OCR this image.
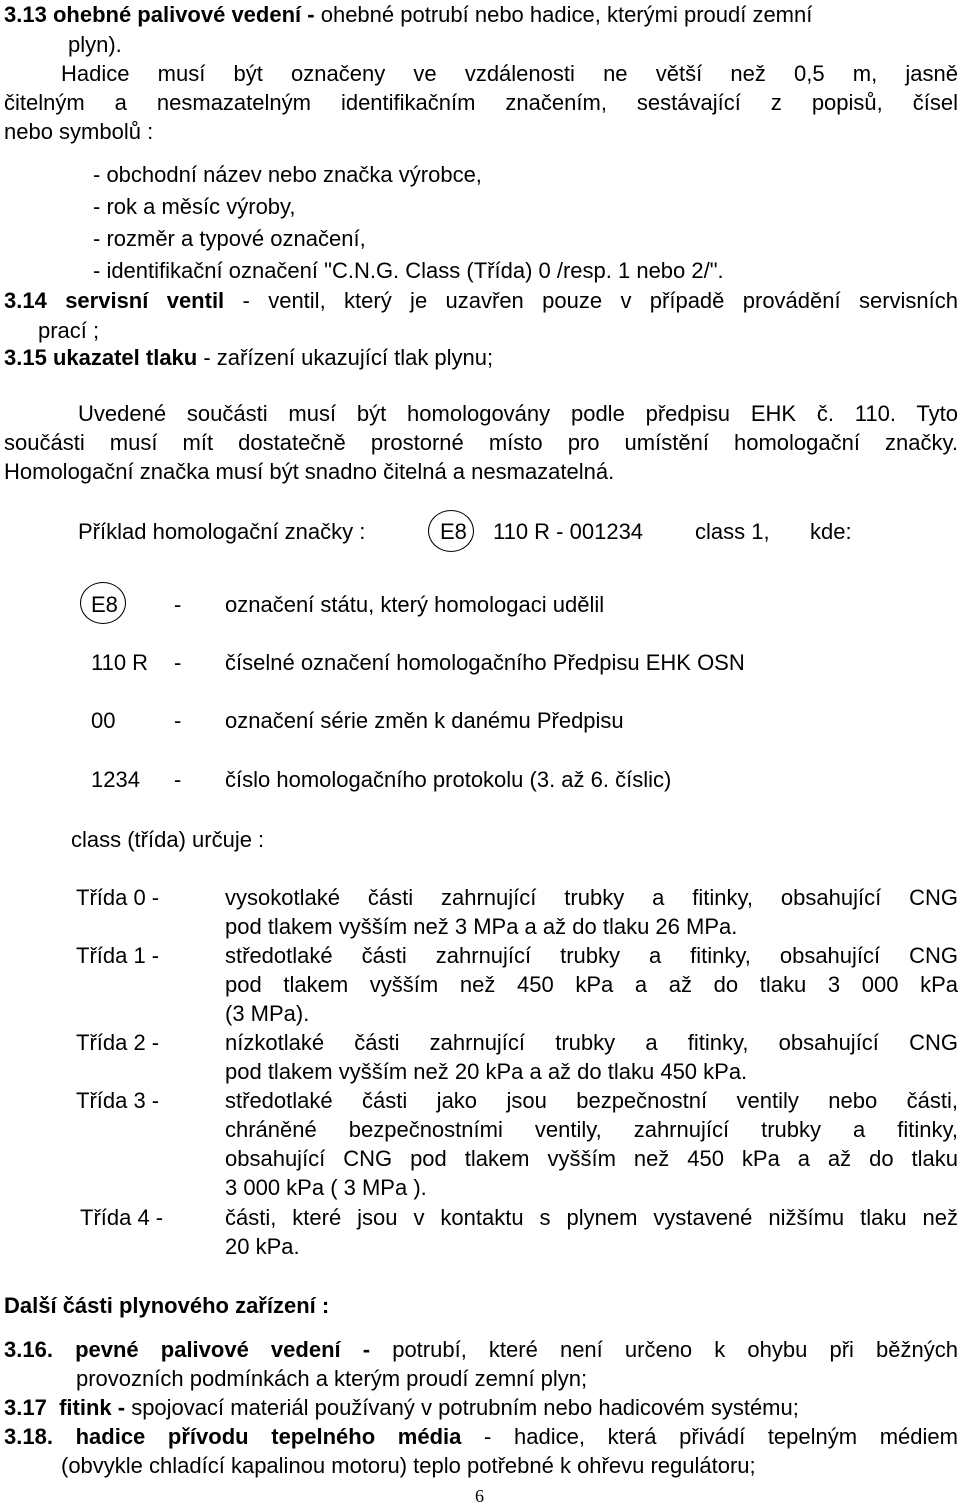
3.13 ohebné palivové vedení - ohebné potrubí nebo hadice, kterými proudí zemní
plyn).
Hadice musí být označeny ve vzdálenosti ne větší než 0,5 m, jasně
čitelným a nesmazatelným identifikačním značením, sestávající z popisů, čísel
nebo symbolů :
- obchodní název nebo značka výrobce,
- rok a měsíc výroby,
- rozměr a typové označení,
- identifikační označení "C.N.G. Class (Třída) 0 /resp. 1 nebo 2/".
3.14 servisní ventil - ventil, který je uzavřen pouze v případě provádění servisních
prací ;
3.15 ukazatel tlaku - zařízení ukazující tlak plynu;
Uvedené součásti musí být homologovány podle předpisu EHK č. 110. Tyto
součásti musí mít dostatečně prostorné místo pro umístění homologační značky.
Homologační značka musí být snadno čitelná a nesmazatelná.
Příklad homologační značky :	E8 110 R - 001234 class 1, kde:
E8	- označení státu, který homologaci udělil
110 R - číselné označení homologačního Předpisu EHK OSN
00	- označení série změn k danému Předpisu
1234 - číslo homologačního protokolu (3. až 6. číslic)
class (třída) určuje :
Třída 0 -	vysokotlaké části zahrnující trubky a fitinky, obsahující CNG
pod tlakem vyšším než 3 MPa a až do tlaku 26 MPa.
Třída 1 -	středotlaké části zahrnující trubky a fitinky, obsahující CNG
pod tlakem vyšším než 450 kPa a až do tlaku 3 000 kPa
(3 MPa).
Třída 2 -	nízkotlaké části zahrnující trubky a fitinky, obsahující CNG
pod tlakem vyšším než 20 kPa a až do tlaku 450 kPa.
Třída 3 -	středotlaké části jako jsou bezpečnostní ventily nebo části,
chráněné bezpečnostními ventily, zahrnující trubky a fitinky,
obsahující CNG pod tlakem vyšším než 450 kPa a až do tlaku
3 000 kPa ( 3 MPa ).
Třída 4 -	části, které jsou v kontaktu s plynem vystavené nižšímu tlaku než
20 kPa.
Další části plynového zařízení :
3.16. pevné palivové vedení - potrubí, které není určeno k ohybu při běžných
provozních podmínkách a kterým proudí zemní plyn;
3.17 fitink - spojovací materiál používaný v potrubním nebo hadicovém systému;
3.18. hadice přívodu tepelného média - hadice, která přivádí tepelným médiem
(obvykle chladící kapalinou motoru) teplo potřebné k ohřevu regulátoru;
6
